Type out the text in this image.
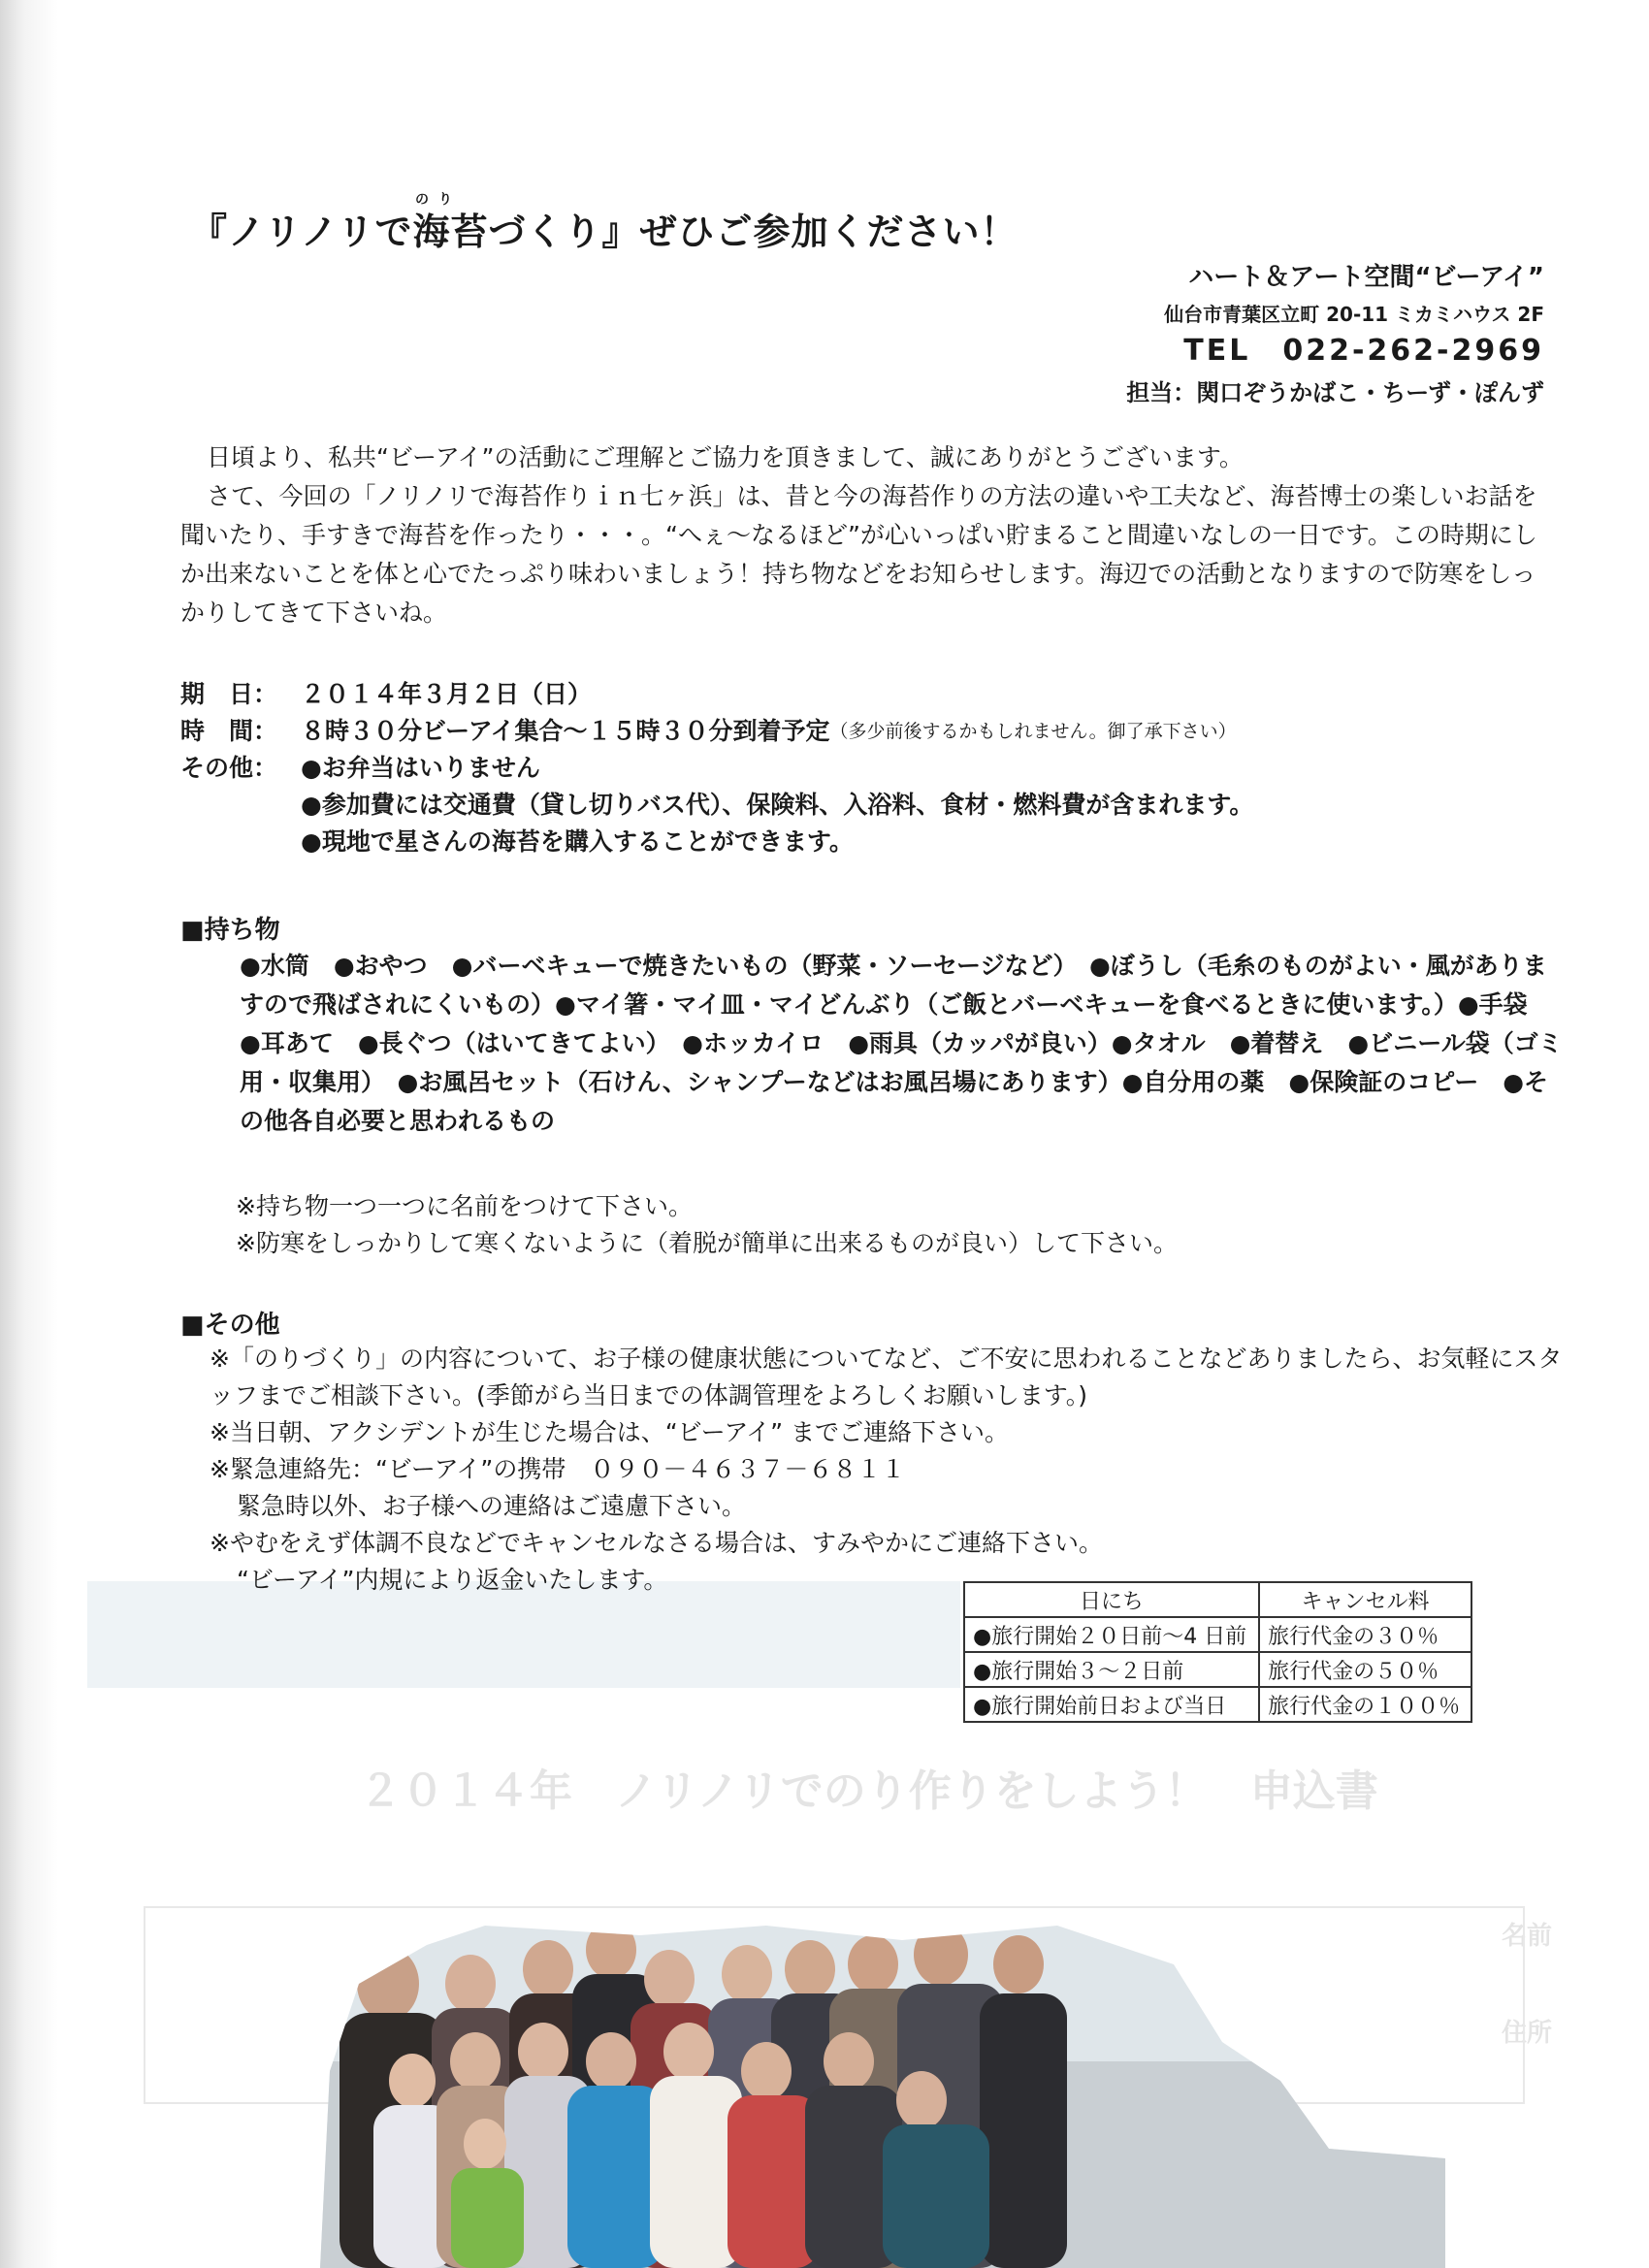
２０１４年　ノリノリでのり作りをしよう！　申込書
名前
住所
のり
『ノリノリで海苔づくり』ぜひご参加ください！
ハート＆アート空間“ビーアイ”
仙台市青葉区立町 20-11 ミカミハウス 2F
TEL　022-262-2969
担当：関口ぞうかばこ・ちーず・ぽんず

日頃より、私共“ビーアイ”の活動にご理解とご協力を頂きまして、誠にありがとうございます。

さて、今回の「ノリノリで海苔作りｉｎ七ヶ浜」は、昔と今の海苔作りの方法の違いや工夫など、海苔博士の楽しいお話を聞いたり、手すきで海苔を作ったり・・・。“へぇ～なるほど”が心いっぱい貯まること間違いなしの一日です。この時期にしか出来ないことを体と心でたっぷり味わいましょう！持ち物などをお知らせします。海辺での活動となりますので防寒をしっかりしてきて下さいね。

期　日： ２０１４年３月２日（日）
時　間： ８時３０分ビーアイ集合～１５時３０分到着予定 （多少前後するかもしれません。御了承下さい）
その他： ●お弁当はいりません
●参加費には交通費（貸し切りバス代）、保険料、入浴料、食材・燃料費が含まれます。
●現地で星さんの海苔を購入することができます。
■持ち物
●水筒　●おやつ　●バーベキューで焼きたいもの（野菜・ソーセージなど）　●ぼうし（毛糸のものがよい・風がありますので飛ばされにくいもの）●マイ箸・マイ皿・マイどんぶり（ご飯とバーベキューを食べるときに使います。）●手袋　●耳あて　●長ぐつ（はいてきてよい）　●ホッカイロ　●雨具（カッパが良い）●タオル　●着替え　●ビニール袋（ゴミ用・収集用）　●お風呂セット（石けん、シャンプーなどはお風呂場にあります）●自分用の薬　●保険証のコピー　●その他各自必要と思われるもの
※持ち物一つ一つに名前をつけて下さい。
※防寒をしっかりして寒くないように（着脱が簡単に出来るものが良い）して下さい。
■その他
※「のりづくり」の内容について、お子様の健康状態についてなど、ご不安に思われることなどありましたら、お気軽にスタッフまでご相談下さい。(季節がら当日までの体調管理をよろしくお願いします。)
※当日朝、アクシデントが生じた場合は、“ビーアイ” までご連絡下さい。
※緊急連絡先：“ビーアイ”の携帯　０９０－４６３７－６８１１
緊急時以外、お子様への連絡はご遠慮下さい。
※やむをえず体調不良などでキャンセルなさる場合は、すみやかにご連絡下さい。
“ビーアイ”内規により返金いたします。
日にち	キャンセル料
●旅行開始２０日前～4 日前	旅行代金の３０％
●旅行開始３～２日前	旅行代金の５０％
●旅行開始前日および当日	旅行代金の１００％
